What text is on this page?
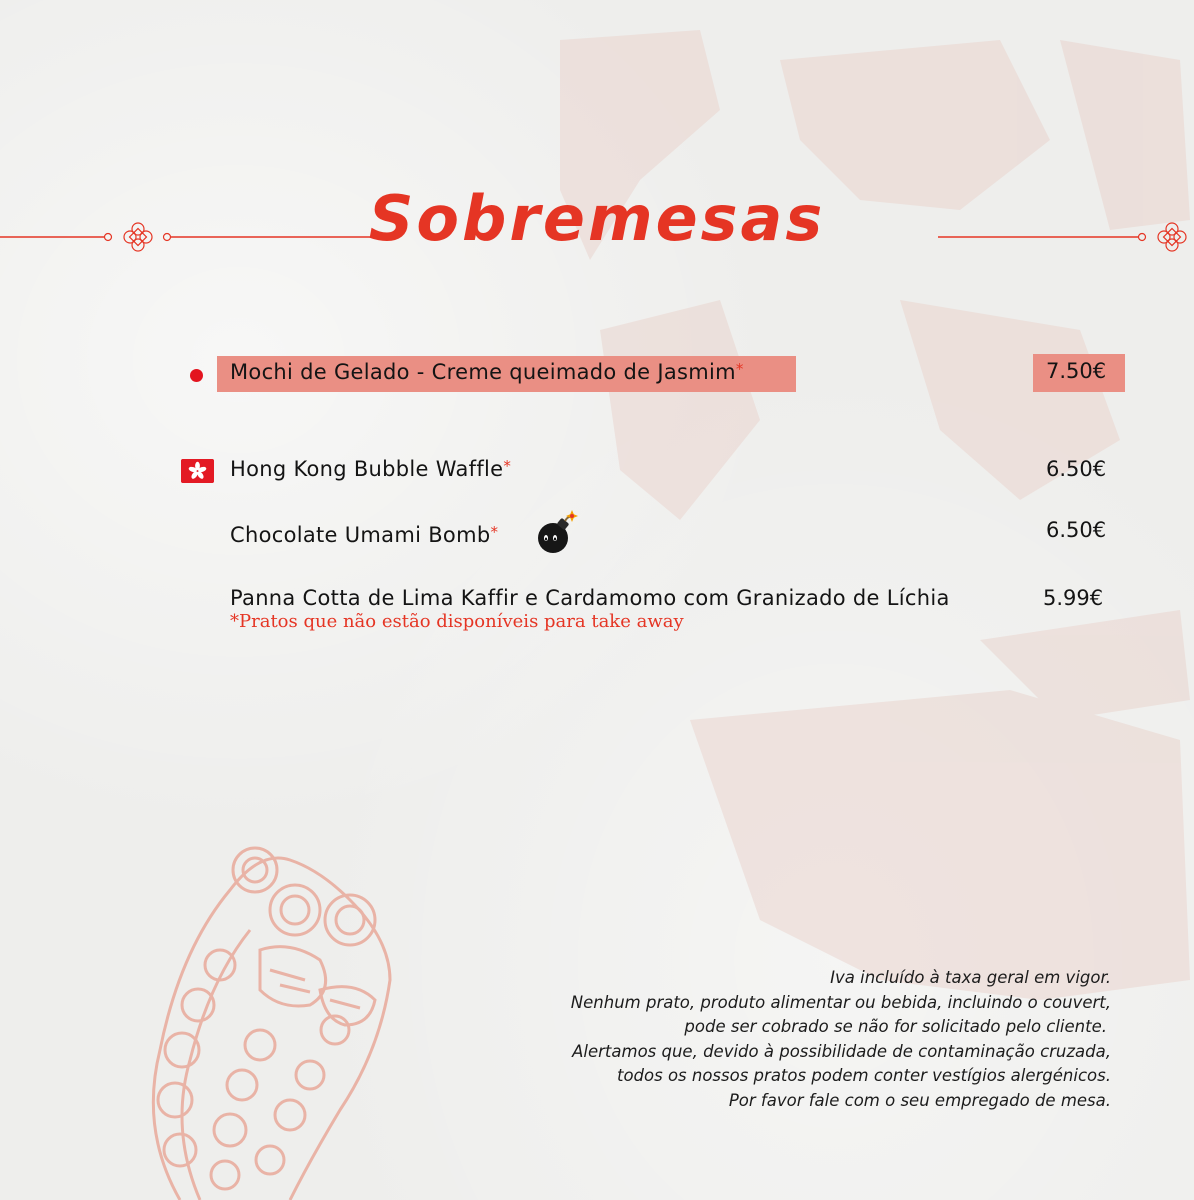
Sobremesas
Mochi de Gelado - Creme queimado de Jasmim*	7.50€
Hong Kong Bubble Waffle*	6.50€
Chocolate Umami Bomb*	6.50€
Panna Cotta de Lima Kaffir e Cardamomo com Granizado de Líchia	5.99€
*Pratos que não estão disponíveis para take away
Iva incluído à taxa geral em vigor.
Nenhum prato, produto alimentar ou bebida, incluindo o couvert,
pode ser cobrado se não for solicitado pelo cliente.
Alertamos que, devido à possibilidade de contaminação cruzada,
todos os nossos pratos podem conter vestígios alergénicos.
Por favor fale com o seu empregado de mesa.
